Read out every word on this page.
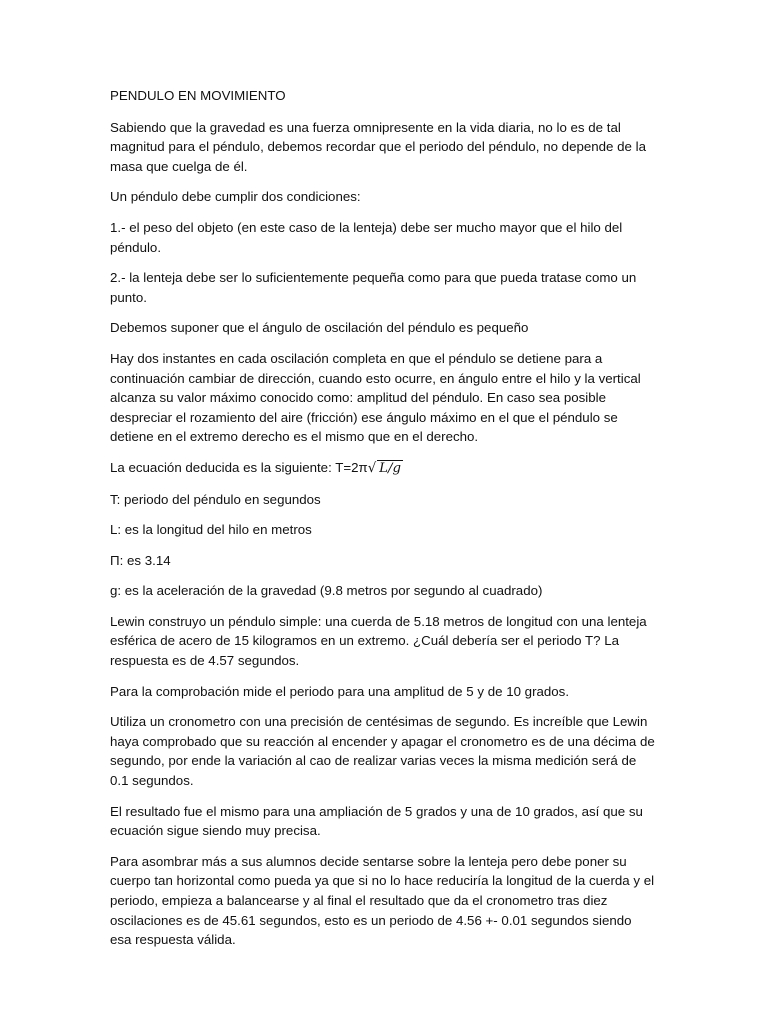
PENDULO EN MOVIMIENTO

Sabiendo que la gravedad es una fuerza omnipresente en la vida diaria, no lo es de tal magnitud para el péndulo, debemos recordar que el periodo del péndulo, no depende de la masa que cuelga de él.

Un péndulo debe cumplir dos condiciones:

1.- el peso del objeto (en este caso de la lenteja) debe ser mucho mayor que el hilo del péndulo.

2.- la lenteja debe ser lo suficientemente pequeña como para que pueda tratase como un punto.

Debemos suponer que el ángulo de oscilación del péndulo es pequeño

Hay dos instantes en cada oscilación completa en que el péndulo se detiene para a continuación cambiar de dirección, cuando esto ocurre, en ángulo entre el hilo y la vertical alcanza su valor máximo conocido como: amplitud del péndulo. En caso sea posible despreciar el rozamiento del aire (fricción) ese ángulo máximo en el que el péndulo se detiene en el extremo derecho es el mismo que en el derecho.

La ecuación deducida es la siguiente: T=2π√ L/g

T: periodo del péndulo en segundos

L: es la longitud del hilo en metros

Π: es 3.14

g: es la aceleración de la gravedad (9.8 metros por segundo al cuadrado)

Lewin construyo un péndulo simple: una cuerda de 5.18 metros de longitud con una lenteja esférica de acero de 15 kilogramos en un extremo. ¿Cuál debería ser el periodo T? La respuesta es de 4.57 segundos.

Para la comprobación mide el periodo para una amplitud de 5 y de 10 grados.

Utiliza un cronometro con una precisión de centésimas de segundo. Es increíble que Lewin haya comprobado que su reacción al encender y apagar el cronometro es de una décima de segundo, por ende la variación al cao de realizar varias veces la misma medición será de 0.1 segundos.

El resultado fue el mismo para una ampliación de 5 grados y una de 10 grados, así que su ecuación sigue siendo muy precisa.

Para asombrar más a sus alumnos decide sentarse sobre la lenteja pero debe poner su cuerpo tan horizontal como pueda ya que si no lo hace reduciría la longitud de la cuerda y el periodo, empieza a balancearse y al final el resultado que da el cronometro tras diez oscilaciones es de 45.61 segundos, esto es un periodo de 4.56 +- 0.01 segundos siendo esa respuesta válida.
